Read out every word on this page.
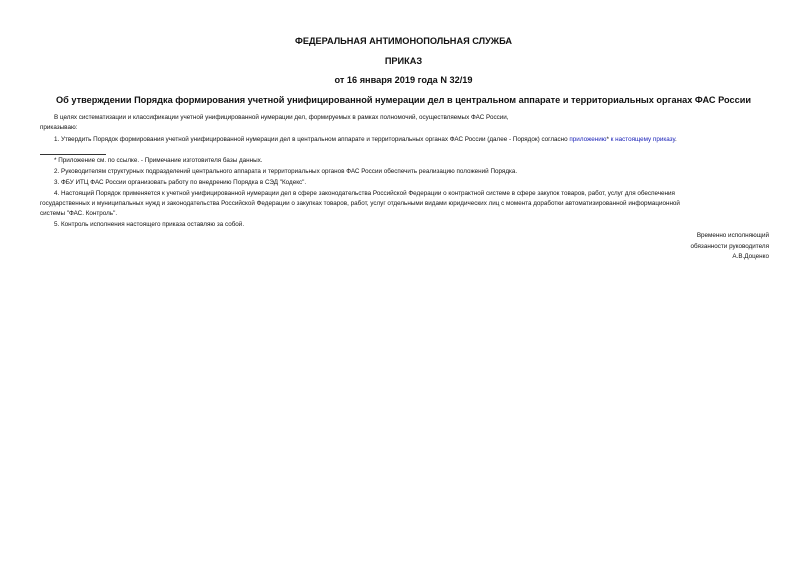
ФЕДЕРАЛЬНАЯ АНТИМОНОПОЛЬНАЯ СЛУЖБА
ПРИКАЗ
от 16 января 2019 года N 32/19
Об утверждении Порядка формирования учетной унифицированной нумерации дел в центральном аппарате и территориальных органах ФАС России
В целях систематизации и классификации учетной унифицированной нумерации дел, формируемых в рамках полномочий, осуществляемых ФАС России,
приказываю:
1. Утвердить Порядок формирования учетной унифицированной нумерации дел в центральном аппарате и территориальных органах ФАС России (далее - Порядок) согласно приложению* к настоящему приказу.
* Приложение см. по ссылке. - Примечание изготовителя базы данных.
2. Руководителям структурных подразделений центрального аппарата и территориальных органов ФАС России обеспечить реализацию положений Порядка.
3. ФБУ ИТЦ ФАС России организовать работу по внедрению Порядка в СЭД "Кодекс".
4. Настоящий Порядок применяется к учетной унифицированной нумерации дел в сфере законодательства Российской Федерации о контрактной системе в сфере закупок товаров, работ, услуг для обеспечения
государственных и муниципальных нужд и законодательства Российской Федерации о закупках товаров, работ, услуг отдельными видами юридических лиц с момента доработки автоматизированной информационной
системы "ФАС. Контроль".
5. Контроль исполнения настоящего приказа оставляю за собой.
Временно исполняющий
обязанности руководителя
А.В.Доценко
